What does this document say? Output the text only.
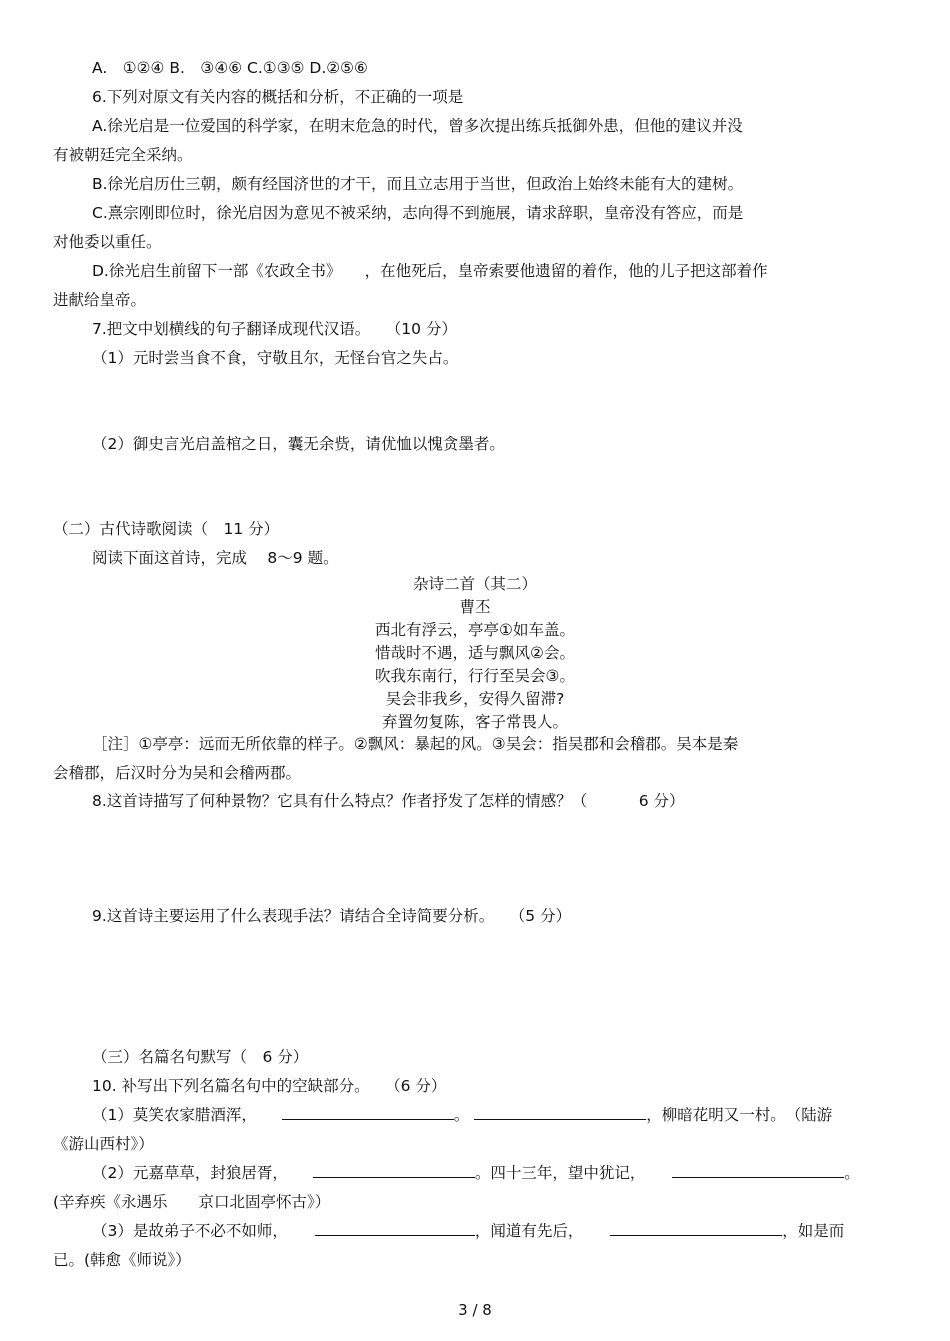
A.　①②④ B.　③④⑥ C.①③⑤ D.②⑤⑥
6.下列对原文有关内容的概括和分析，不正确的一项是
A.徐光启是一位爱国的科学家，在明末危急的时代，曾多次提出练兵抵御外患，但他的建议并没
有被朝廷完全采纳。
B.徐光启历仕三朝，颇有经国济世的才干，而且立志用于当世，但政治上始终未能有大的建树。
C.熹宗刚即位时，徐光启因为意见不被采纳，志向得不到施展，请求辞职，皇帝没有答应，而是
对他委以重任。
D.徐光启生前留下一部《农政全书》　　，在他死后，皇帝索要他遗留的着作，他的儿子把这部着作
进献给皇帝。
7.把文中划横线的句子翻译成现代汉语。　　（10 分）
（1）元时尝当食不食，守敬且尔，无怪台官之失占。
（2）御史言光启盖棺之日，囊无余赀，请优恤以愧贪墨者。
（二）古代诗歌阅读（　11 分）
阅读下面这首诗，完成　 8～9 题。
杂诗二首（其二）
曹丕
西北有浮云，亭亭①如车盖。
惜哉时不遇，适与飘风②会。
吹我东南行，行行至吴会③。
吴会非我乡，安得久留滞?
弃置勿复陈，客子常畏人。
［注］①亭亭：远而无所依靠的样子。②飘风：暴起的风。③吴会：指吴郡和会稽郡。吴本是秦
会稽郡，后汉时分为吴和会稽两郡。
8.这首诗描写了何种景物？它具有什么特点？作者抒发了怎样的情感？（　　　 6 分）
9.这首诗主要运用了什么表现手法？请结合全诗简要分析。　　（5 分）
（三）名篇名句默写（　6 分）
10. 补写出下列名篇名句中的空缺部分。　　（6 分）
（1）莫笑农家腊酒浑，	。	，柳暗花明又一村。　（陆游
《游山西村》）
（2）元嘉草草，封狼居胥，	。四十三年，望中犹记，	。
(辛弃疾《永遇乐　　京口北固亭怀古》）
（3）是故弟子不必不如师，	，闻道有先后，	，如是而
已。(韩愈《师说》）
3 / 8
